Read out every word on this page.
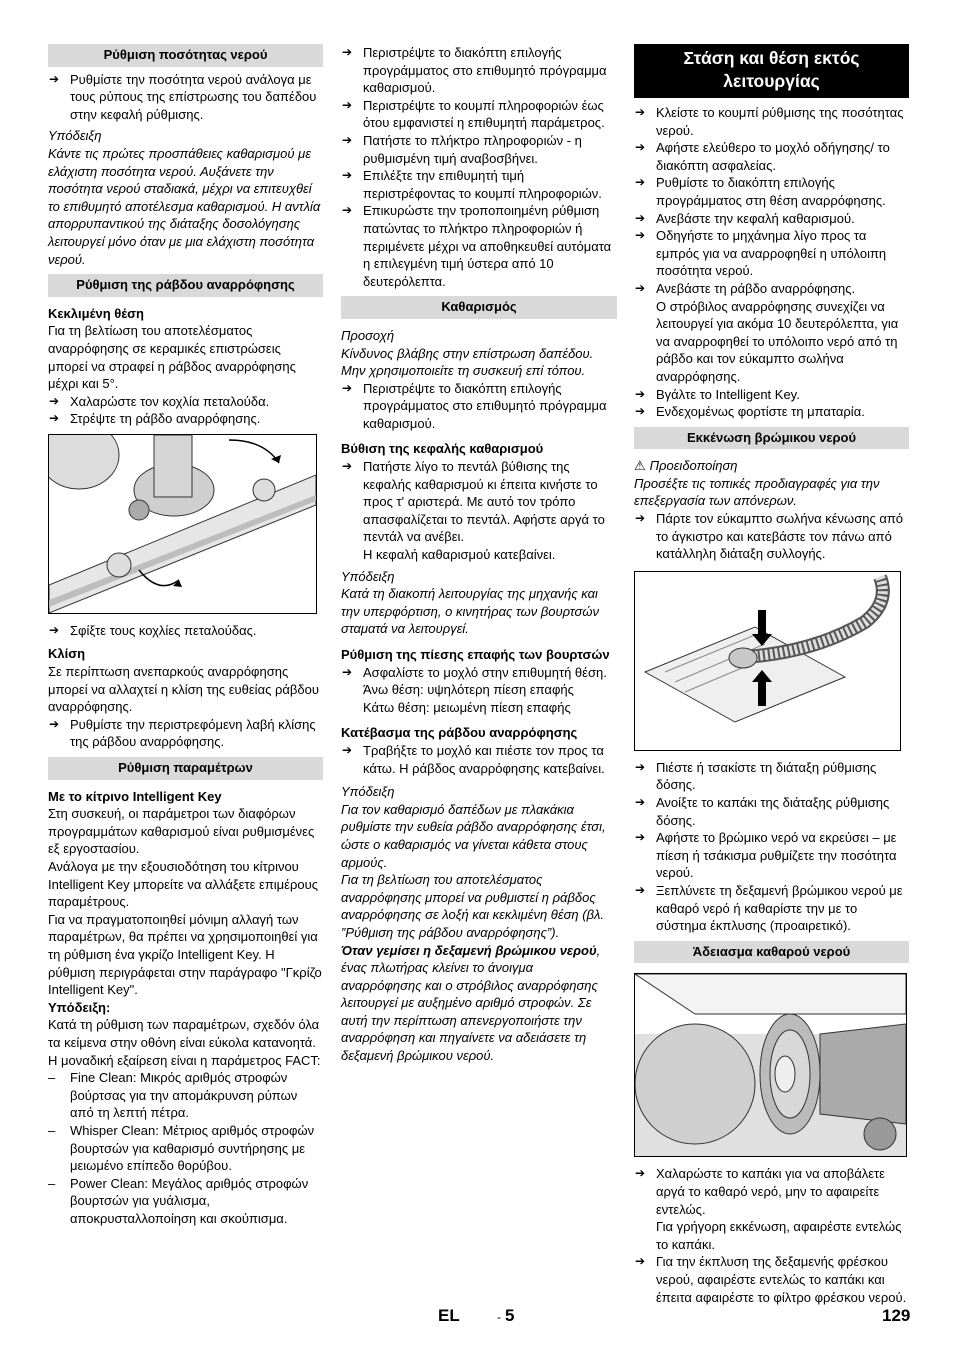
Ρύθμιση ποσότητας νερού
➔ Ρυθμίστε την ποσότητα νερού ανάλογα με τους ρύπους της επίστρωσης του δαπέδου στην κεφαλή ρύθμισης.
Υπόδειξη
Κάντε τις πρώτες προσπάθειες καθαρισμού με ελάχιστη ποσότητα νερού. Αυξάνετε την ποσότητα νερού σταδιακά, μέχρι να επιτευχθεί το επιθυμητό αποτέλεσμα καθαρισμού. Η αντλία απορρυπαντικού της διάταξης δοσολόγησης λειτουργεί μόνο όταν με μια ελάχιστη ποσότητα νερού.
Ρύθμιση της ράβδου αναρρόφησης
Κεκλιμένη θέση
Για τη βελτίωση του αποτελέσματος αναρρόφησης σε κεραμικές επιστρώσεις μπορεί να στραφεί η ράβδος αναρρόφησης μέχρι και 5°.
➔ Χαλαρώστε τον κοχλία πεταλούδα.
➔ Στρέψτε τη ράβδο αναρρόφησης.
➔ Σφίξτε τους κοχλίες πεταλούδας.
Κλίση
Σε περίπτωση ανεπαρκούς αναρρόφησης μπορεί να αλλαχτεί η κλίση της ευθείας ράβδου αναρρόφησης.
➔ Ρυθμίστε την περιστρεφόμενη λαβή κλίσης της ράβδου αναρρόφησης.
Ρύθμιση παραμέτρων
Με το κίτρινο Intelligent Key
Στη συσκευή, οι παράμετροι των διαφόρων προγραμμάτων καθαρισμού είναι ρυθμισμένες εξ εργοστασίου.
Ανάλογα με την εξουσιοδότηση του κίτρινου Intelligent Key μπορείτε να αλλάξετε επιμέρους παραμέτρους.
Για να πραγματοποιηθεί μόνιμη αλλαγή των παραμέτρων, θα πρέπει να χρησιμοποιηθεί για τη ρύθμιση ένα γκρίζο Intelligent Key. Η ρύθμιση περιγράφεται στην παράγραφο "Γκρίζο Intelligent Key".
Υπόδειξη:
Κατά τη ρύθμιση των παραμέτρων, σχεδόν όλα τα κείμενα στην οθόνη είναι εύκολα κατανοητά. Η μοναδική εξαίρεση είναι η παράμετρος FACT:
– Fine Clean: Μικρός αριθμός στροφών βούρτσας για την απομάκρυνση ρύπων από τη λεπτή πέτρα.
– Whisper Clean: Μέτριος αριθμός στροφών βουρτσών για καθαρισμό συντήρησης με μειωμένο επίπεδο θορύβου.
– Power Clean: Μεγάλος αριθμός στροφών βουρτσών για γυάλισμα, αποκρυσταλλοποίηση και σκούπισμα.
➔ Περιστρέψτε το διακόπτη επιλογής προγράμματος στο επιθυμητό πρόγραμμα καθαρισμού.
➔ Περιστρέψτε το κουμπί πληροφοριών έως ότου εμφανιστεί η επιθυμητή παράμετρος.
➔ Πατήστε το πλήκτρο πληροφοριών - η ρυθμισμένη τιμή αναβοσβήνει.
➔ Επιλέξτε την επιθυμητή τιμή περιστρέφοντας το κουμπί πληροφοριών.
➔ Επικυρώστε την τροποποιημένη ρύθμιση πατώντας το πλήκτρο πληροφοριών ή περιμένετε μέχρι να αποθηκευθεί αυτόματα η επιλεγμένη τιμή ύστερα από 10 δευτερόλεπτα.
Καθαρισμός
Προσοχή
Κίνδυνος βλάβης στην επίστρωση δαπέδου. Μην χρησιμοποιείτε τη συσκευή επί τόπου.
➔ Περιστρέψτε το διακόπτη επιλογής προγράμματος στο επιθυμητό πρόγραμμα καθαρισμού.
Βύθιση της κεφαλής καθαρισμού
➔ Πατήστε λίγο το πεντάλ βύθισης της κεφαλής καθαρισμού κι έπειτα κινήστε το προς τ' αριστερά. Με αυτό τον τρόπο απασφαλίζεται το πεντάλ. Αφήστε αργά το πεντάλ να ανέβει.
Η κεφαλή καθαρισμού κατεβαίνει.
Υπόδειξη
Κατά τη διακοπή λειτουργίας της μηχανής και την υπερφόρτιση, ο κινητήρας των βουρτσών σταματά να λειτουργεί.
Ρύθμιση της πίεσης επαφής των βουρτσών
➔ Ασφαλίστε το μοχλό στην επιθυμητή θέση.
Άνω θέση: υψηλότερη πίεση επαφής
Κάτω θέση: μειωμένη πίεση επαφής
Κατέβασμα της ράβδου αναρρόφησης
➔ Τραβήξτε το μοχλό και πιέστε τον προς τα κάτω. Η ράβδος αναρρόφησης κατεβαίνει.
Υπόδειξη
Για τον καθαρισμό δαπέδων με πλακάκια ρυθμίστε την ευθεία ράβδο αναρρόφησης έτσι, ώστε ο καθαρισμός να γίνεται κάθετα στους αρμούς.
Για τη βελτίωση του αποτελέσματος αναρρόφησης μπορεί να ρυθμιστεί η ράβδος αναρρόφησης σε λοξή και κεκλιμένη θέση (βλ. ”Ρύθμιση της ράβδου αναρρόφησης”).
Όταν γεμίσει η δεξαμενή βρώμικου νερού, ένας πλωτήρας κλείνει το άνοιγμα αναρρόφησης και ο στρόβιλος αναρρόφησης λειτουργεί με αυξημένο αριθμό στροφών. Σε αυτή την περίπτωση απενεργοποιήστε την αναρρόφηση και πηγαίνετε να αδειάσετε τη δεξαμενή βρώμικου νερού.
Στάση και θέση εκτός λειτουργίας
➔ Κλείστε το κουμπί ρύθμισης της ποσότητας νερού.
➔ Αφήστε ελεύθερο το μοχλό οδήγησης/ το διακόπτη ασφαλείας.
➔ Ρυθμίστε το διακόπτη επιλογής προγράμματος στη θέση αναρρόφησης.
➔ Ανεβάστε την κεφαλή καθαρισμού.
➔ Οδηγήστε το μηχάνημα λίγο προς τα εμπρός για να αναρροφηθεί η υπόλοιπη ποσότητα νερού.
➔ Ανεβάστε τη ράβδο αναρρόφησης.
Ο στρόβιλος αναρρόφησης συνεχίζει να λειτουργεί για ακόμα 10 δευτερόλεπτα, για να αναρροφηθεί το υπόλοιπο νερό από τη ράβδο και τον εύκαμπτο σωλήνα αναρρόφησης.
➔ Βγάλτε το Intelligent Key.
➔ Ενδεχομένως φορτίστε τη μπαταρία.
Εκκένωση βρώμικου νερού
⚠ Προειδοποίηση
Προσέξτε τις τοπικές προδιαγραφές για την επεξεργασία των απόνερων.
➔ Πάρτε τον εύκαμπτο σωλήνα κένωσης από το άγκιστρο και κατεβάστε τον πάνω από κατάλληλη διάταξη συλλογής.
➔ Πιέστε ή τσακίστε τη διάταξη ρύθμισης δόσης.
➔ Ανοίξτε το καπάκι της διάταξης ρύθμισης δόσης.
➔ Αφήστε το βρώμικο νερό να εκρεύσει – με πίεση ή τσάκισμα ρυθμίζετε την ποσότητα νερού.
➔ Ξεπλύνετε τη δεξαμενή βρώμικου νερού με καθαρό νερό ή καθαρίστε την με το σύστημα έκπλυσης (προαιρετικό).
Άδειασμα καθαρού νερού
➔ Χαλαρώστε το καπάκι για να αποβάλετε αργά το καθαρό νερό, μην το αφαιρείτε εντελώς.
Για γρήγορη εκκένωση, αφαιρέστε εντελώς το καπάκι.
➔ Για την έκπλυση της δεξαμενής φρέσκου νερού, αφαιρέστε εντελώς το καπάκι και έπειτα αφαιρέστε το φίλτρο φρέσκου νερού.
EL	- 5	129
